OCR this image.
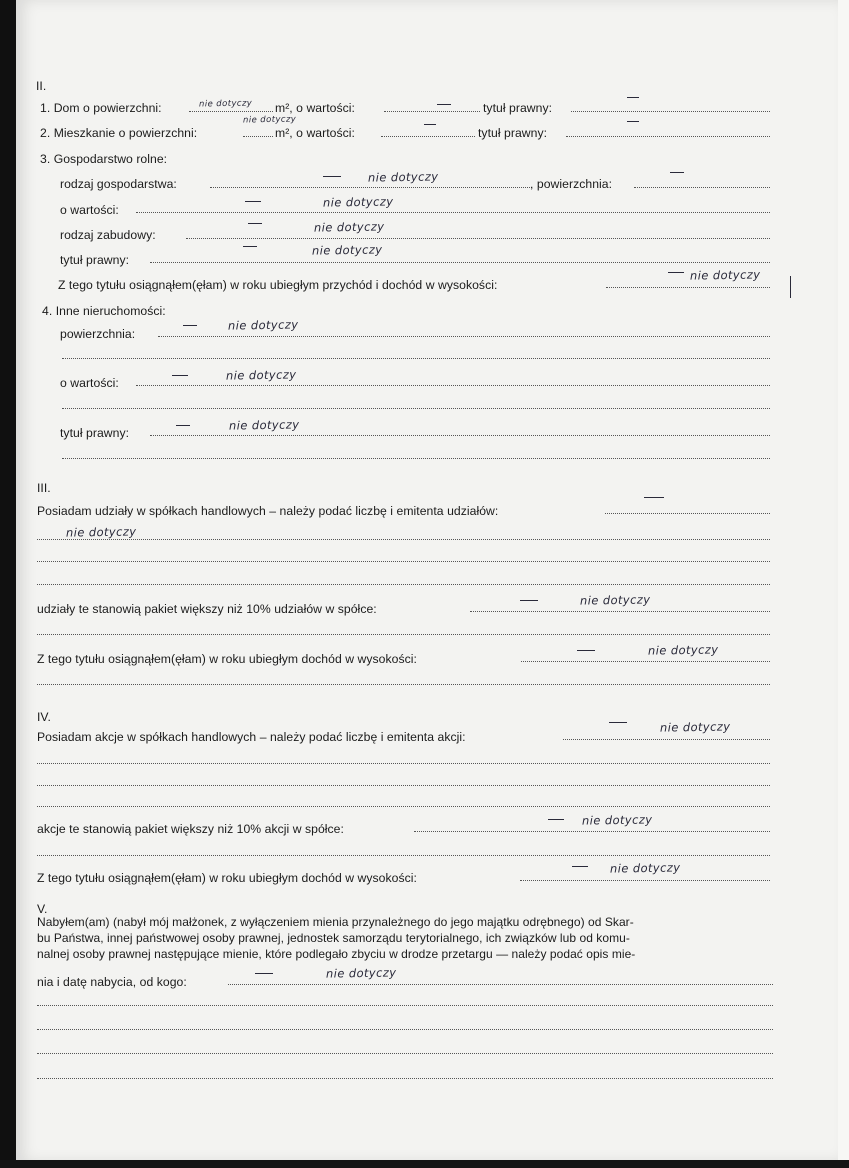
II.
1. Dom o powierzchni:	nie dotyczy m², o wartości:	tytuł prawny:
2. Mieszkanie o powierzchni:
nie dotyczy
m², o wartości:	tytuł prawny:
3. Gospodarstwo rolne:
rodzaj gospodarstwa:	nie dotyczy	, powierzchnia:
o wartości:
nie dotyczy
rodzaj zabudowy:
nie dotyczy
tytuł prawny:
nie dotyczy
Z tego tytułu osiągnąłem(ęłam) w roku ubiegłym przychód i dochód w wysokości:
nie dotyczy
4. Inne nieruchomości:
powierzchnia:
nie dotyczy
o wartości:
nie dotyczy
tytuł prawny:
nie dotyczy
III.
Posiadam udziały w spółkach handlowych – należy podać liczbę i emitenta udziałów:
nie dotyczy
udziały te stanowią pakiet większy niż 10% udziałów w spółce:
nie dotyczy
Z tego tytułu osiągnąłem(ęłam) w roku ubiegłym dochód w wysokości:
nie dotyczy
IV.
Posiadam akcje w spółkach handlowych – należy podać liczbę i emitenta akcji:
nie dotyczy
akcje te stanowią pakiet większy niż 10% akcji w spółce:
nie dotyczy
Z tego tytułu osiągnąłem(ęłam) w roku ubiegłym dochód w wysokości:
nie dotyczy
V.
Nabyłem(am) (nabył mój małżonek, z wyłączeniem mienia przynależnego do jego majątku odrębnego) od Skar-
bu Państwa, innej państwowej osoby prawnej, jednostek samorządu terytorialnego, ich związków lub od komu-
nalnej osoby prawnej następujące mienie, które podlegało zbyciu w drodze przetargu — należy podać opis mie-
nia i datę nabycia, od kogo:
nie dotyczy
